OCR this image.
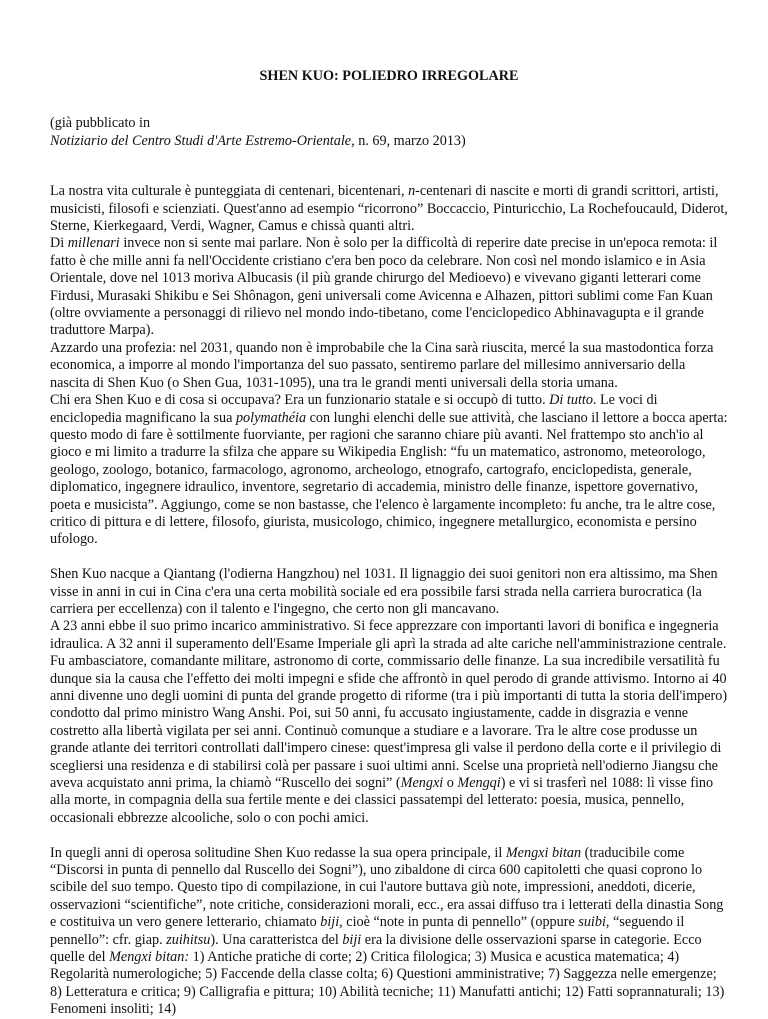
SHEN KUO: POLIEDRO IRREGOLARE
(già pubblicato in
Notiziario del Centro Studi d'Arte Estremo-Orientale, n. 69, marzo 2013)

La nostra vita culturale è punteggiata di centenari, bicentenari, n-centenari di nascite e morti di grandi scrittori, artisti, musicisti, filosofi e scienziati. Quest'anno ad esempio “ricorrono” Boccaccio, Pinturicchio, La Rochefoucauld, Diderot, Sterne, Kierkegaard, Verdi, Wagner, Camus e chissà quanti altri.

Di millenari invece non si sente mai parlare. Non è solo per la difficoltà di reperire date precise in un'epoca remota: il fatto è che mille anni fa nell'Occidente cristiano c'era ben poco da celebrare. Non così nel mondo islamico e in Asia Orientale, dove nel 1013 moriva Albucasis (il più grande chirurgo del Medioevo) e vivevano giganti letterari come Firdusi, Murasaki Shikibu e Sei Shônagon, geni universali come Avicenna e Alhazen, pittori sublimi come Fan Kuan (oltre ovviamente a personaggi di rilievo nel mondo indo-tibetano, come l'enciclopedico Abhinavagupta e il grande traduttore Marpa).

Azzardo una profezia: nel 2031, quando non è improbabile che la Cina sarà riuscita, mercé la sua mastodontica forza economica, a imporre al mondo l'importanza del suo passato, sentiremo parlare del millesimo anniversario della nascita di Shen Kuo (o Shen Gua, 1031-1095), una tra le grandi menti universali della storia umana.

Chi era Shen Kuo e di cosa si occupava? Era un funzionario statale e si occupò di tutto. Di tutto. Le voci di enciclopedia magnificano la sua polymathéia con lunghi elenchi delle sue attività, che lasciano il lettore a bocca aperta: questo modo di fare è sottilmente fuorviante, per ragioni che saranno chiare più avanti. Nel frattempo sto anch'io al gioco e mi limito a tradurre la sfilza che appare su Wikipedia English: “fu un matematico, astronomo, meteorologo, geologo, zoologo, botanico, farmacologo, agronomo, archeologo, etnografo, cartografo, enciclopedista, generale, diplomatico, ingegnere idraulico, inventore, segretario di accademia, ministro delle finanze, ispettore governativo, poeta e musicista”. Aggiungo, come se non bastasse, che l'elenco è largamente incompleto: fu anche, tra le altre cose, critico di pittura e di lettere, filosofo, giurista, musicologo, chimico, ingegnere metallurgico, economista e persino ufologo.

Shen Kuo nacque a Qiantang (l'odierna Hangzhou) nel 1031. Il lignaggio dei suoi genitori non era altissimo, ma Shen visse in anni in cui in Cina c'era una certa mobilità sociale ed era possibile farsi strada nella carriera burocratica (la carriera per eccellenza) con il talento e l'ingegno, che certo non gli mancavano.

A 23 anni ebbe il suo primo incarico amministrativo. Si fece apprezzare con importanti lavori di bonifica e ingegneria idraulica. A 32 anni il superamento dell'Esame Imperiale gli aprì la strada ad alte cariche nell'amministrazione centrale. Fu ambasciatore, comandante militare, astronomo di corte, commissario delle finanze. La sua incredibile versatilità fu dunque sia la causa che l'effetto dei molti impegni e sfide che affrontò in quel perodo di grande attivismo. Intorno ai 40 anni divenne uno degli uomini di punta del grande progetto di riforme (tra i più importanti di tutta la storia dell'impero) condotto dal primo ministro Wang Anshi. Poi, sui 50 anni, fu accusato ingiustamente, cadde in disgrazia e venne costretto alla libertà vigilata per sei anni. Continuò comunque a studiare e a lavorare. Tra le altre cose produsse un grande atlante dei territori controllati dall'impero cinese: quest'impresa gli valse il perdono della corte e il privilegio di scegliersi una residenza e di stabilirsi colà per passare i suoi ultimi anni. Scelse una proprietà nell'odierno Jiangsu che aveva acquistato anni prima, la chiamò “Ruscello dei sogni” (Mengxi o Mengqi) e vi si trasferì nel 1088: lì visse fino alla morte, in compagnia della sua fertile mente e dei classici passatempi del letterato: poesia, musica, pennello, occasionali ebbrezze alcooliche, solo o con pochi amici.

In quegli anni di operosa solitudine Shen Kuo redasse la sua opera principale, il Mengxi bitan (traducibile come “Discorsi in punta di pennello dal Ruscello dei Sogni”), uno zibaldone di circa 600 capitoletti che quasi coprono lo scibile del suo tempo. Questo tipo di compilazione, in cui l'autore buttava giù note, impressioni, aneddoti, dicerie, osservazioni “scientifiche”, note critiche, considerazioni morali, ecc., era assai diffuso tra i letterati della dinastia Song e costituiva un vero genere letterario, chiamato biji, cioè “note in punta di pennello” (oppure suibi, “seguendo il pennello”: cfr. giap. zuihitsu). Una caratteristca del biji era la divisione delle osservazioni sparse in categorie. Ecco quelle del Mengxi bitan: 1) Antiche pratiche di corte; 2) Critica filologica; 3) Musica e acustica matematica; 4) Regolarità numerologiche; 5) Faccende della classe colta; 6) Questioni amministrative; 7) Saggezza nelle emergenze; 8) Letteratura e critica; 9) Calligrafia e pittura; 10) Abilità tecniche; 11) Manufatti antichi; 12) Fatti soprannaturali; 13) Fenomeni insoliti; 14)
